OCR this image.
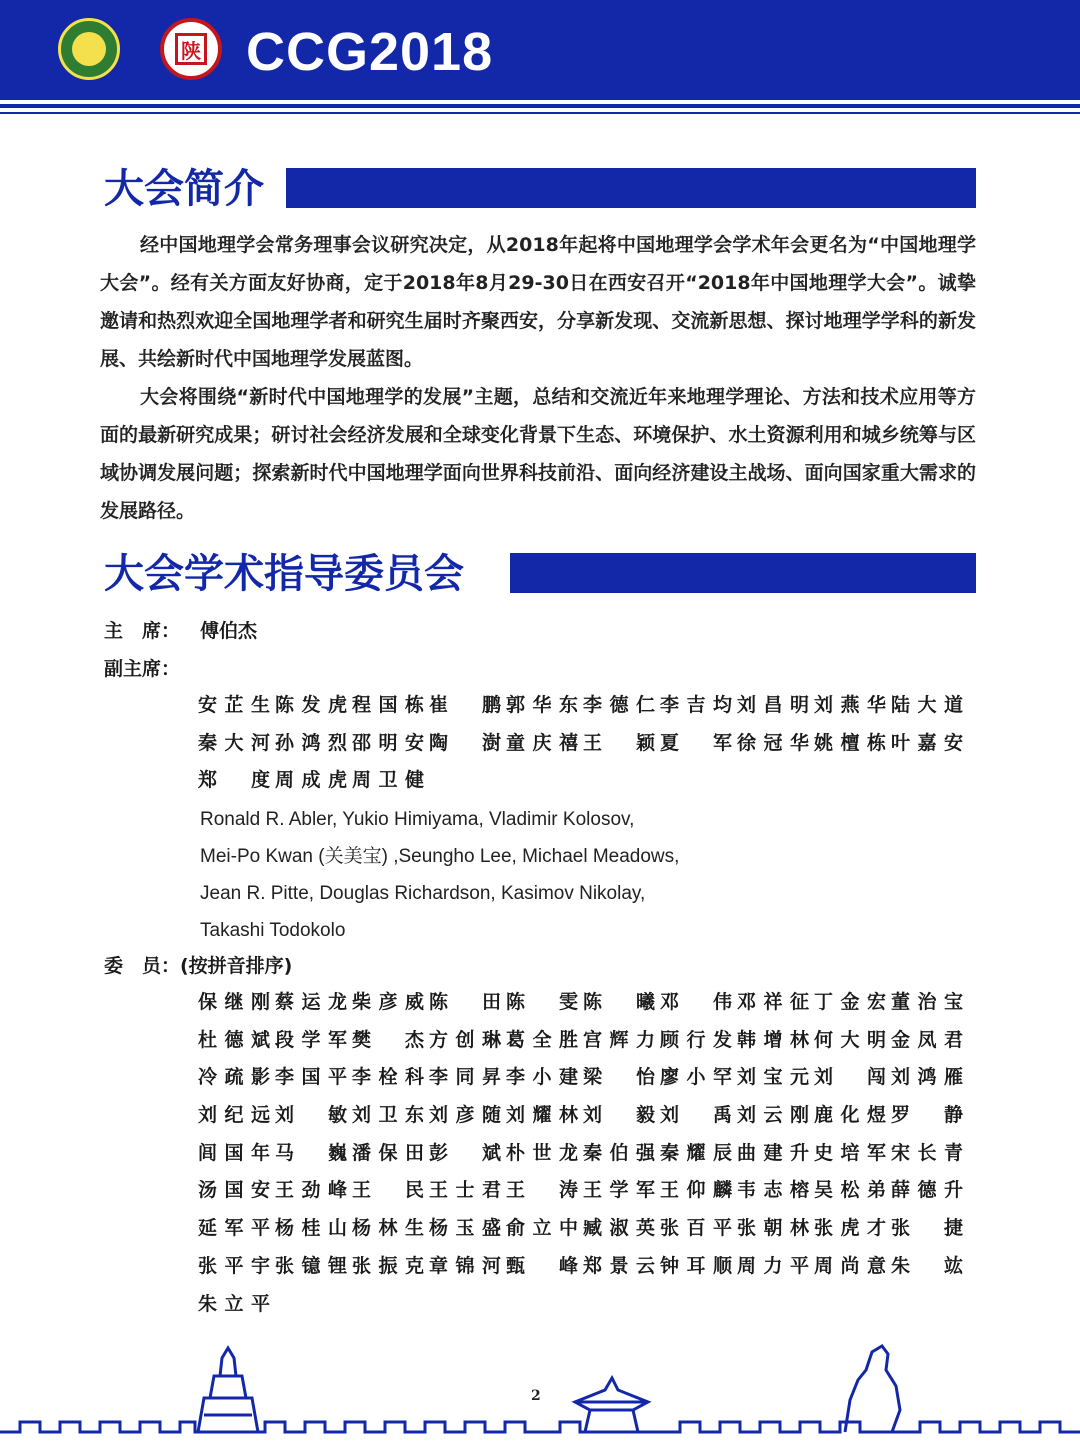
陕 CCG2018
大会简介

经中国地理学会常务理事会议研究决定，从2018年起将中国地理学会学术年会更名为“中国地理学大会”。经有关方面友好协商，定于2018年8月29-30日在西安召开“2018年中国地理学大会”。诚挚邀请和热烈欢迎全国地理学者和研究生届时齐聚西安，分享新发现、交流新思想、探讨地理学学科的新发展、共绘新时代中国地理学发展蓝图。

大会将围绕“新时代中国地理学的发展”主题，总结和交流近年来地理学理论、方法和技术应用等方面的最新研究成果；研讨社会经济发展和全球变化背景下生态、环境保护、水土资源利用和城乡统筹与区域协调发展问题；探索新时代中国地理学面向世界科技前沿、面向经济建设主战场、面向国家重大需求的发展路径。

大会学术指导委员会
主　席： 傅伯杰
副主席：
安芷生 陈发虎 程国栋 崔　鹏 郭华东 李德仁 李吉均 刘昌明 刘燕华 陆大道
秦大河 孙鸿烈 邵明安 陶　澍 童庆禧 王　颖 夏　军 徐冠华 姚檀栋 叶嘉安
郑　度 周成虎 周卫健
Ronald R. Abler, Yukio Himiyama, Vladimir Kolosov,
Mei-Po Kwan (关美宝) ,Seungho Lee, Michael Meadows,
Jean R. Pitte, Douglas Richardson, Kasimov Nikolay,
Takashi Todokolo
委　员：(按拼音排序)
保继刚 蔡运龙 柴彦威 陈　田 陈　雯 陈　曦 邓　伟 邓祥征 丁金宏 董治宝
杜德斌 段学军 樊　杰 方创琳 葛全胜 宫辉力 顾行发 韩增林 何大明 金凤君
冷疏影 李国平 李栓科 李同昇 李小建 梁　怡 廖小罕 刘宝元 刘　闯 刘鸿雁
刘纪远 刘　敏 刘卫东 刘彦随 刘耀林 刘　毅 刘　禹 刘云刚 鹿化煜 罗　静
闾国年 马　巍 潘保田 彭　斌 朴世龙 秦伯强 秦耀辰 曲建升 史培军 宋长青
汤国安 王劲峰 王　民 王士君 王　涛 王学军 王仰麟 韦志榕 吴松弟 薛德升
延军平 杨桂山 杨林生 杨玉盛 俞立中 臧淑英 张百平 张朝林 张虎才 张　捷
张平宇 张镱锂 张振克 章锦河 甄　峰 郑景云 钟耳顺 周力平 周尚意 朱　竑
朱立平
2
